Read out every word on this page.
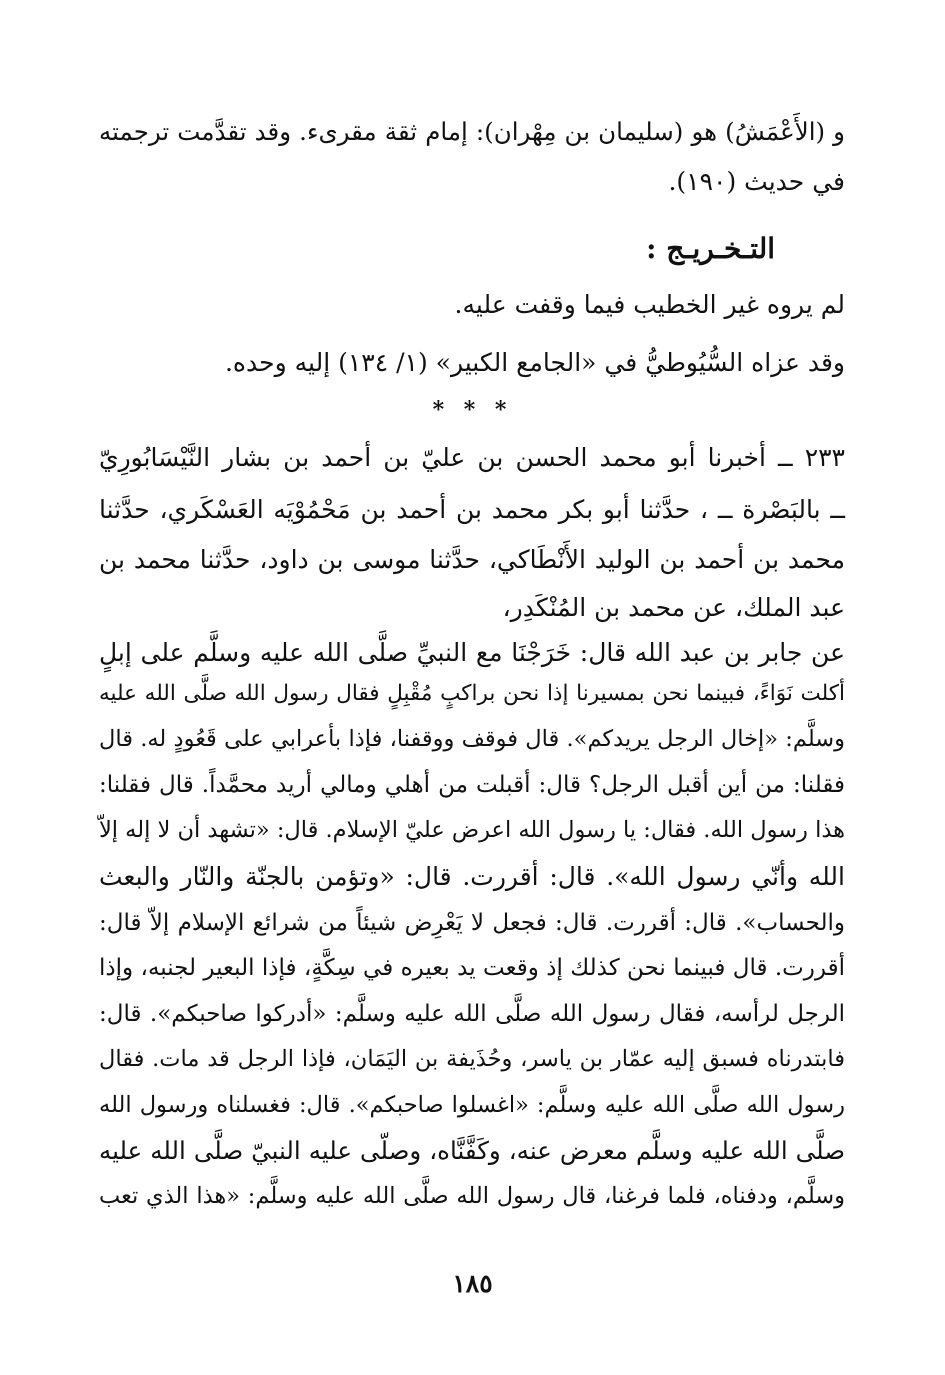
و (الأَعْمَشُ) هو (سليمان بن مِهْران): إمام ثقة مقرىء. وقد تقدَّمت ترجمته
في حديث (١٩٠).
التـخـريـج :
لم يروه غير الخطيب فيما وقفت عليه.
وقد عزاه السُّيُوطيُّ في «الجامع الكبير» (١/ ١٣٤) إليه وحده.
* * *
٢٣٣ ــ أخبرنا أبو محمد الحسن بن عليّ بن أحمد بن بشار النَّيْسَابُورِيّ
ــ بالبَصْرة ــ ، حدَّثنا أبو بكر محمد بن أحمد بن مَحْمُوْيَه العَسْكَري، حدَّثنا
محمد بن أحمد بن الوليد الأَنْطَاكي، حدَّثنا موسى بن داود، حدَّثنا محمد بن
عبد الملك، عن محمد بن المُنْكَدِر،
عن جابر بن عبد الله قال: خَرَجْنَا مع النبيِّ صلَّى الله عليه وسلَّم على إبلٍ
أكلت نَوَاءً، فبينما نحن بمسيرنا إذا نحن براكبٍ مُقْبِلٍ فقال رسول الله صلَّى الله عليه
وسلَّم: «إخال الرجل يريدكم». قال فوقف ووقفنا، فإذا بأعرابي على قَعُودٍ له. قال
فقلنا: من أين أقبل الرجل؟ قال: أقبلت من أهلي ومالي أريد محمَّداً. قال فقلنا:
هذا رسول الله. فقال: يا رسول الله اعرض عليّ الإسلام. قال: «تشهد أن لا إله إلاّ
الله وأنّي رسول الله». قال: أقررت. قال: «وتؤمن بالجنّة والنّار والبعث
والحساب». قال: أقررت. قال: فجعل لا يَعْرِض شيئاً من شرائع الإسلام إلاّ قال:
أقررت. قال فبينما نحن كذلك إذ وقعت يد بعيره في سِكَّةٍ، فإذا البعير لجنبه، وإذا
الرجل لرأسه، فقال رسول الله صلَّى الله عليه وسلَّم: «أدركوا صاحبكم». قال:
فابتدرناه فسبق إليه عمّار بن ياسر، وحُذَيفة بن اليَمَان، فإذا الرجل قد مات. فقال
رسول الله صلَّى الله عليه وسلَّم: «اغسلوا صاحبكم». قال: فغسلناه ورسول الله
صلَّى الله عليه وسلَّم معرض عنه، وكَفَّنَّاه، وصلّى عليه النبيّ صلَّى الله عليه
وسلَّم، ودفناه، فلما فرغنا، قال رسول الله صلَّى الله عليه وسلَّم: «هذا الذي تعب
١٨٥
